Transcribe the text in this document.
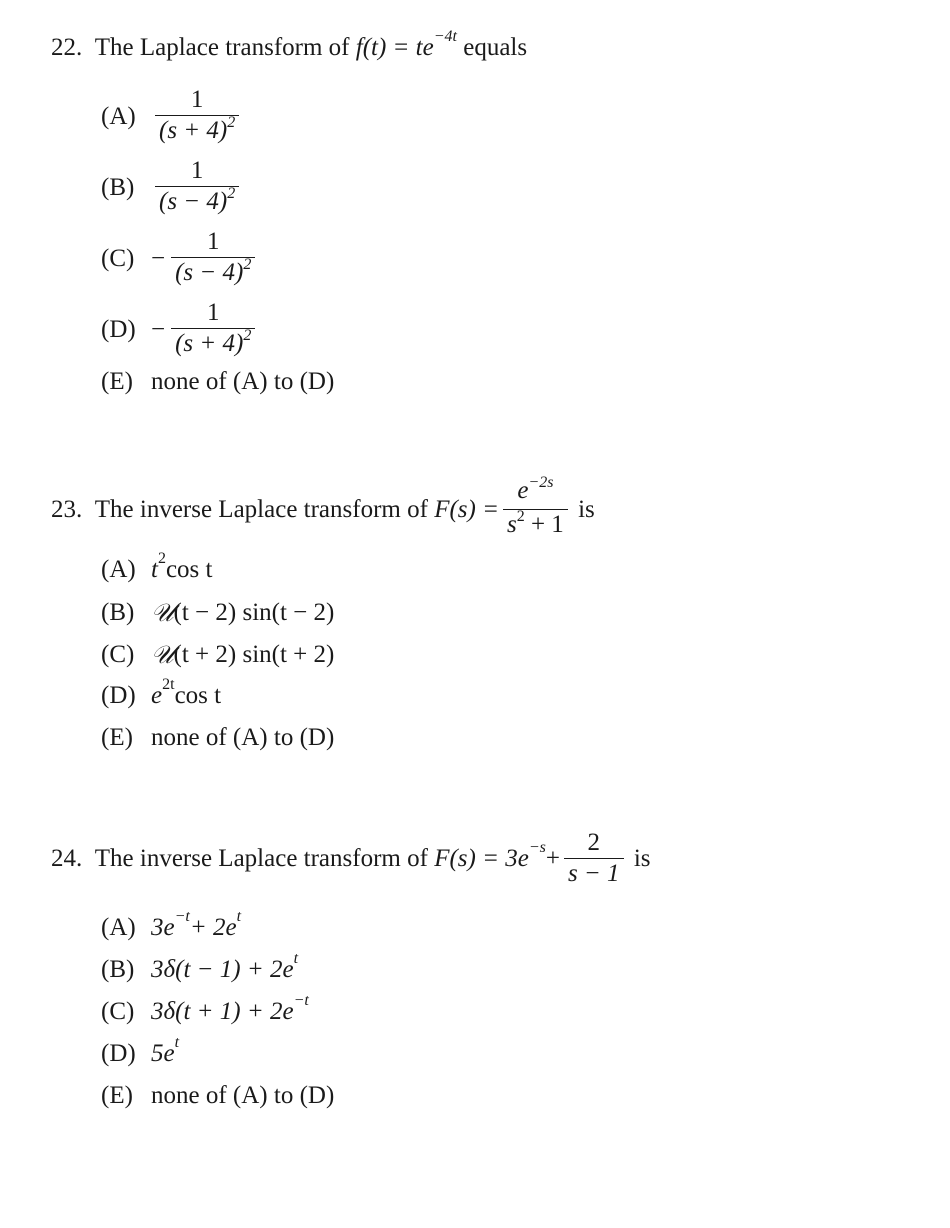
22.
The Laplace transform of
$f(t) = te^{-4t}$
equals
$(A) \frac{1}{(s + 4)^2}$
$(B) \frac{1}{(s - 4)^2}$
$(C) - \frac{1}{(s - 4)^2}$
$(D) - \frac{1}{(s + 4)^2}$
(E) none of (A) to (D)
23.
The inverse Laplace transform of
$F(s) = \frac{e^{-2s}}{s^2 + 1}$
is
(A) $t^2$ cos t
(B) 𝒰 (t − 2) sin(t − 2)
(C) 𝒰 (t + 2) sin(t + 2)
(D) $e^{2t}$ cos t
(E) none of (A) to (D)
24.
The inverse Laplace transform of
$F(s) = 3e^{-s} + \frac{2}{s - 1}$
is
(A) $3e^{-t} + 2e^t$
(B) $3\delta(t - 1) + 2e^t$
(C) $3\delta(t + 1) + 2e^{-t}$
(D) $5e^t$
(E) none of (A) to (D)
